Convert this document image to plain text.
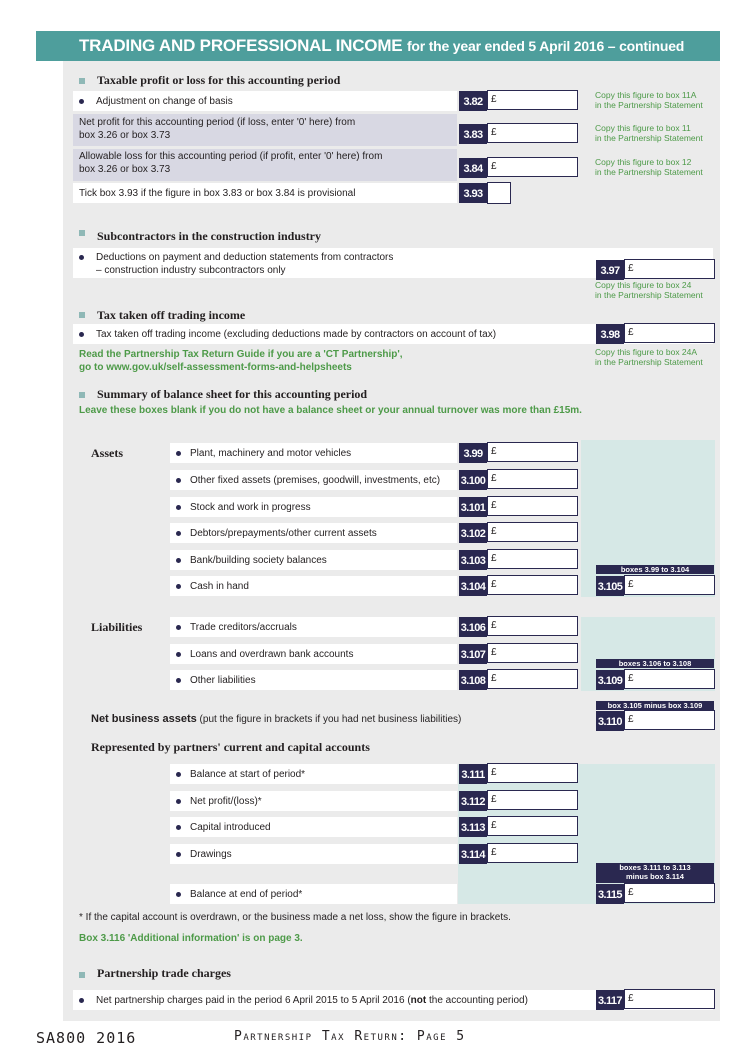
TRADING AND PROFESSIONAL INCOME for the year ended 5 April 2016 – continued
Taxable profit or loss for this accounting period
Adjustment on change of basis	3.82 £	Copy this figure to box 11A
in the Partnership Statement
Net profit for this accounting period (if loss, enter '0' here) from
box 3.26 or box 3.73	3.83 £	Copy this figure to box 11
in the Partnership Statement
Allowable loss for this accounting period (if profit, enter '0' here) from
box 3.26 or box 3.73	3.84 £	Copy this figure to box 12
in the Partnership Statement
Tick box 3.93 if the figure in box 3.83 or box 3.84 is provisional	3.93
Subcontractors in the construction industry
Deductions on payment and deduction statements from contractors
– construction industry subcontractors only	3.97 £
Copy this figure to box 24
in the Partnership Statement
Tax taken off trading income
Tax taken off trading income (excluding deductions made by contractors on account of tax)	3.98 £
Read the Partnership Tax Return Guide if you are a 'CT Partnership',
go to www.gov.uk/self-assessment-forms-and-helpsheets
Copy this figure to box 24A
in the Partnership Statement
Summary of balance sheet for this accounting period
Leave these boxes blank if you do not have a balance sheet or your annual turnover was more than £15m.
Assets
Liabilities
Plant, machinery and motor vehicles	3.99 £
Other fixed assets (premises, goodwill, investments, etc) 3.100 £
Stock and work in progress	3.101 £
Debtors/prepayments/other current assets	3.102 £
Bank/building society balances	3.103 £
Cash in hand	3.104 £
boxes 3.99 to 3.104
3.105 £
Trade creditors/accruals	3.106 £
Loans and overdrawn bank accounts	3.107 £
Other liabilities	3.108 £
boxes 3.106 to 3.108
3.109 £
Net business assets (put the figure in brackets if you had net business liabilities)
box 3.105 minus box 3.109
3.110 £
Represented by partners' current and capital accounts
Balance at start of period*	3.111 £
Net profit/(loss)*	3.112 £
Capital introduced	3.113 £
Drawings	3.114 £
Balance at end of period*
boxes 3.111 to 3.113
minus box 3.114
3.115 £
* If the capital account is overdrawn, or the business made a net loss, show the figure in brackets.
Box 3.116 'Additional information' is on page 3.
Partnership trade charges
Net partnership charges paid in the period 6 April 2015 to 5 April 2016 (not the accounting period)	3.117 £
SA800 2016	Partnership Tax Return: Page 5
